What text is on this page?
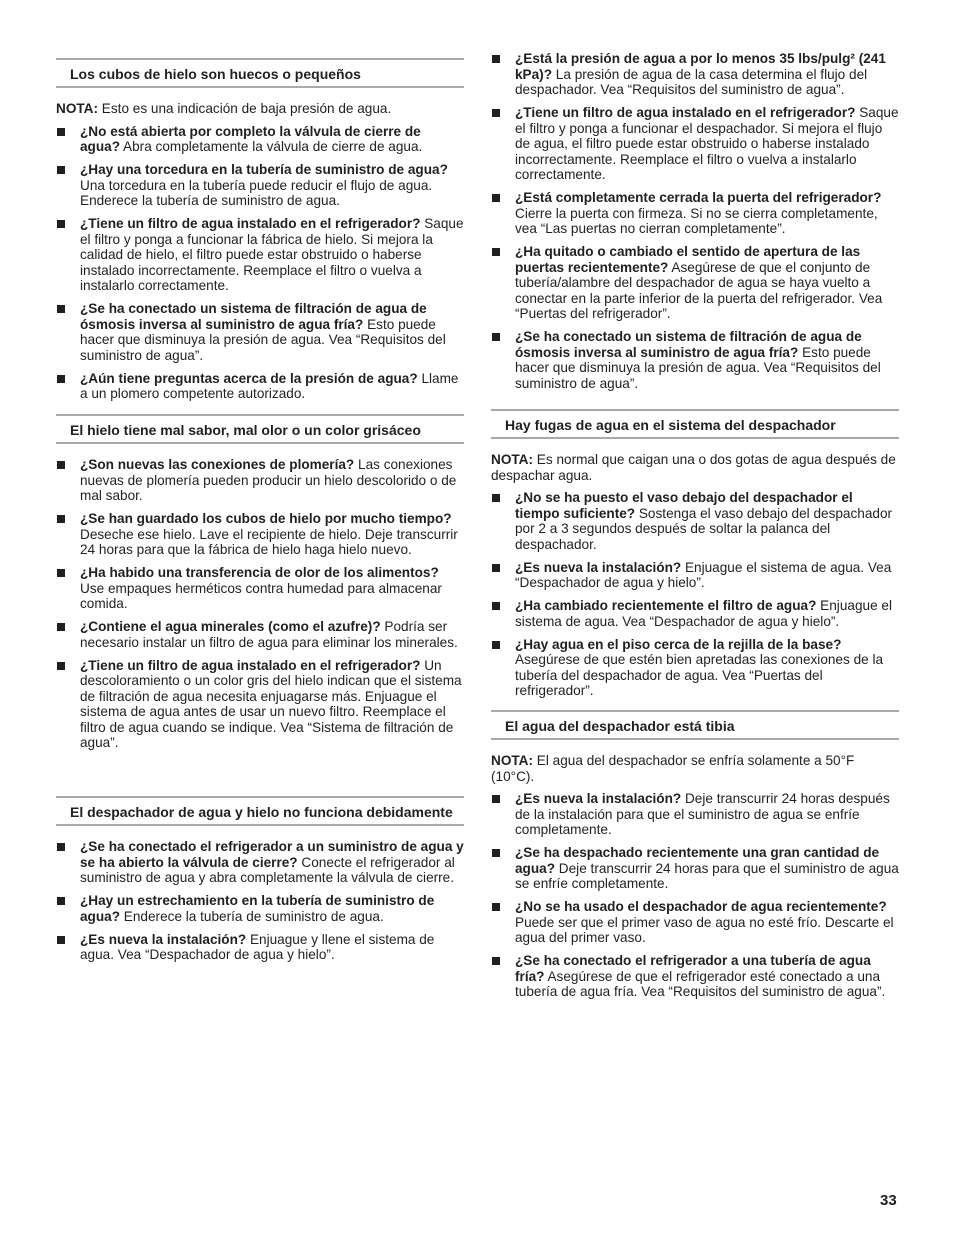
Los cubos de hielo son huecos o pequeños

NOTA: Esto es una indicación de baja presión de agua.

¿No está abierta por completo la válvula de cierre de agua? Abra completamente la válvula de cierre de agua.
¿Hay una torcedura en la tubería de suministro de agua? Una torcedura en la tubería puede reducir el flujo de agua. Enderece la tubería de suministro de agua.
¿Tiene un filtro de agua instalado en el refrigerador? Saque el filtro y ponga a funcionar la fábrica de hielo. Si mejora la calidad de hielo, el filtro puede estar obstruido o haberse instalado incorrectamente. Reemplace el filtro o vuelva a instalarlo correctamente.
¿Se ha conectado un sistema de filtración de agua de ósmosis inversa al suministro de agua fría? Esto puede hacer que disminuya la presión de agua. Vea “Requisitos del suministro de agua”.
¿Aún tiene preguntas acerca de la presión de agua? Llame a un plomero competente autorizado.
El hielo tiene mal sabor, mal olor o un color grisáceo
¿Son nuevas las conexiones de plomería? Las conexiones nuevas de plomería pueden producir un hielo descolorido o de mal sabor.
¿Se han guardado los cubos de hielo por mucho tiempo? Deseche ese hielo. Lave el recipiente de hielo. Deje transcurrir 24 horas para que la fábrica de hielo haga hielo nuevo.
¿Ha habido una transferencia de olor de los alimentos? Use empaques herméticos contra humedad para almacenar comida.
¿Contiene el agua minerales (como el azufre)? Podría ser necesario instalar un filtro de agua para eliminar los minerales.
¿Tiene un filtro de agua instalado en el refrigerador? Un descoloramiento o un color gris del hielo indican que el sistema de filtración de agua necesita enjuagarse más. Enjuague el sistema de agua antes de usar un nuevo filtro. Reemplace el filtro de agua cuando se indique. Vea “Sistema de filtración de agua”.
El despachador de agua y hielo no funciona debidamente
¿Se ha conectado el refrigerador a un suministro de agua y se ha abierto la válvula de cierre? Conecte el refrigerador al suministro de agua y abra completamente la válvula de cierre.
¿Hay un estrechamiento en la tubería de suministro de agua? Enderece la tubería de suministro de agua.
¿Es nueva la instalación? Enjuague y llene el sistema de agua. Vea “Despachador de agua y hielo”.
¿Está la presión de agua a por lo menos 35 lbs/pulg² (241 kPa)? La presión de agua de la casa determina el flujo del despachador. Vea “Requisitos del suministro de agua”.
¿Tiene un filtro de agua instalado en el refrigerador? Saque el filtro y ponga a funcionar el despachador. Si mejora el flujo de agua, el filtro puede estar obstruido o haberse instalado incorrectamente. Reemplace el filtro o vuelva a instalarlo correctamente.
¿Está completamente cerrada la puerta del refrigerador? Cierre la puerta con firmeza. Si no se cierra completamente, vea “Las puertas no cierran completamente”.
¿Ha quitado o cambiado el sentido de apertura de las puertas recientemente? Asegúrese de que el conjunto de tubería/alambre del despachador de agua se haya vuelto a conectar en la parte inferior de la puerta del refrigerador. Vea “Puertas del refrigerador”.
¿Se ha conectado un sistema de filtración de agua de ósmosis inversa al suministro de agua fría? Esto puede hacer que disminuya la presión de agua. Vea “Requisitos del suministro de agua”.
Hay fugas de agua en el sistema del despachador

NOTA: Es normal que caigan una o dos gotas de agua después de despachar agua.

¿No se ha puesto el vaso debajo del despachador el tiempo suficiente? Sostenga el vaso debajo del despachador por 2 a 3 segundos después de soltar la palanca del despachador.
¿Es nueva la instalación? Enjuague el sistema de agua. Vea “Despachador de agua y hielo”.
¿Ha cambiado recientemente el filtro de agua? Enjuague el sistema de agua. Vea “Despachador de agua y hielo”.
¿Hay agua en el piso cerca de la rejilla de la base? Asegúrese de que estén bien apretadas las conexiones de la tubería del despachador de agua. Vea “Puertas del refrigerador”.
El agua del despachador está tibia

NOTA: El agua del despachador se enfría solamente a 50°F (10°C).

¿Es nueva la instalación? Deje transcurrir 24 horas después de la instalación para que el suministro de agua se enfríe completamente.
¿Se ha despachado recientemente una gran cantidad de agua? Deje transcurrir 24 horas para que el suministro de agua se enfríe completamente.
¿No se ha usado el despachador de agua recientemente? Puede ser que el primer vaso de agua no esté frío. Descarte el agua del primer vaso.
¿Se ha conectado el refrigerador a una tubería de agua fría? Asegúrese de que el refrigerador esté conectado a una tubería de agua fría. Vea “Requisitos del suministro de agua”.
33
